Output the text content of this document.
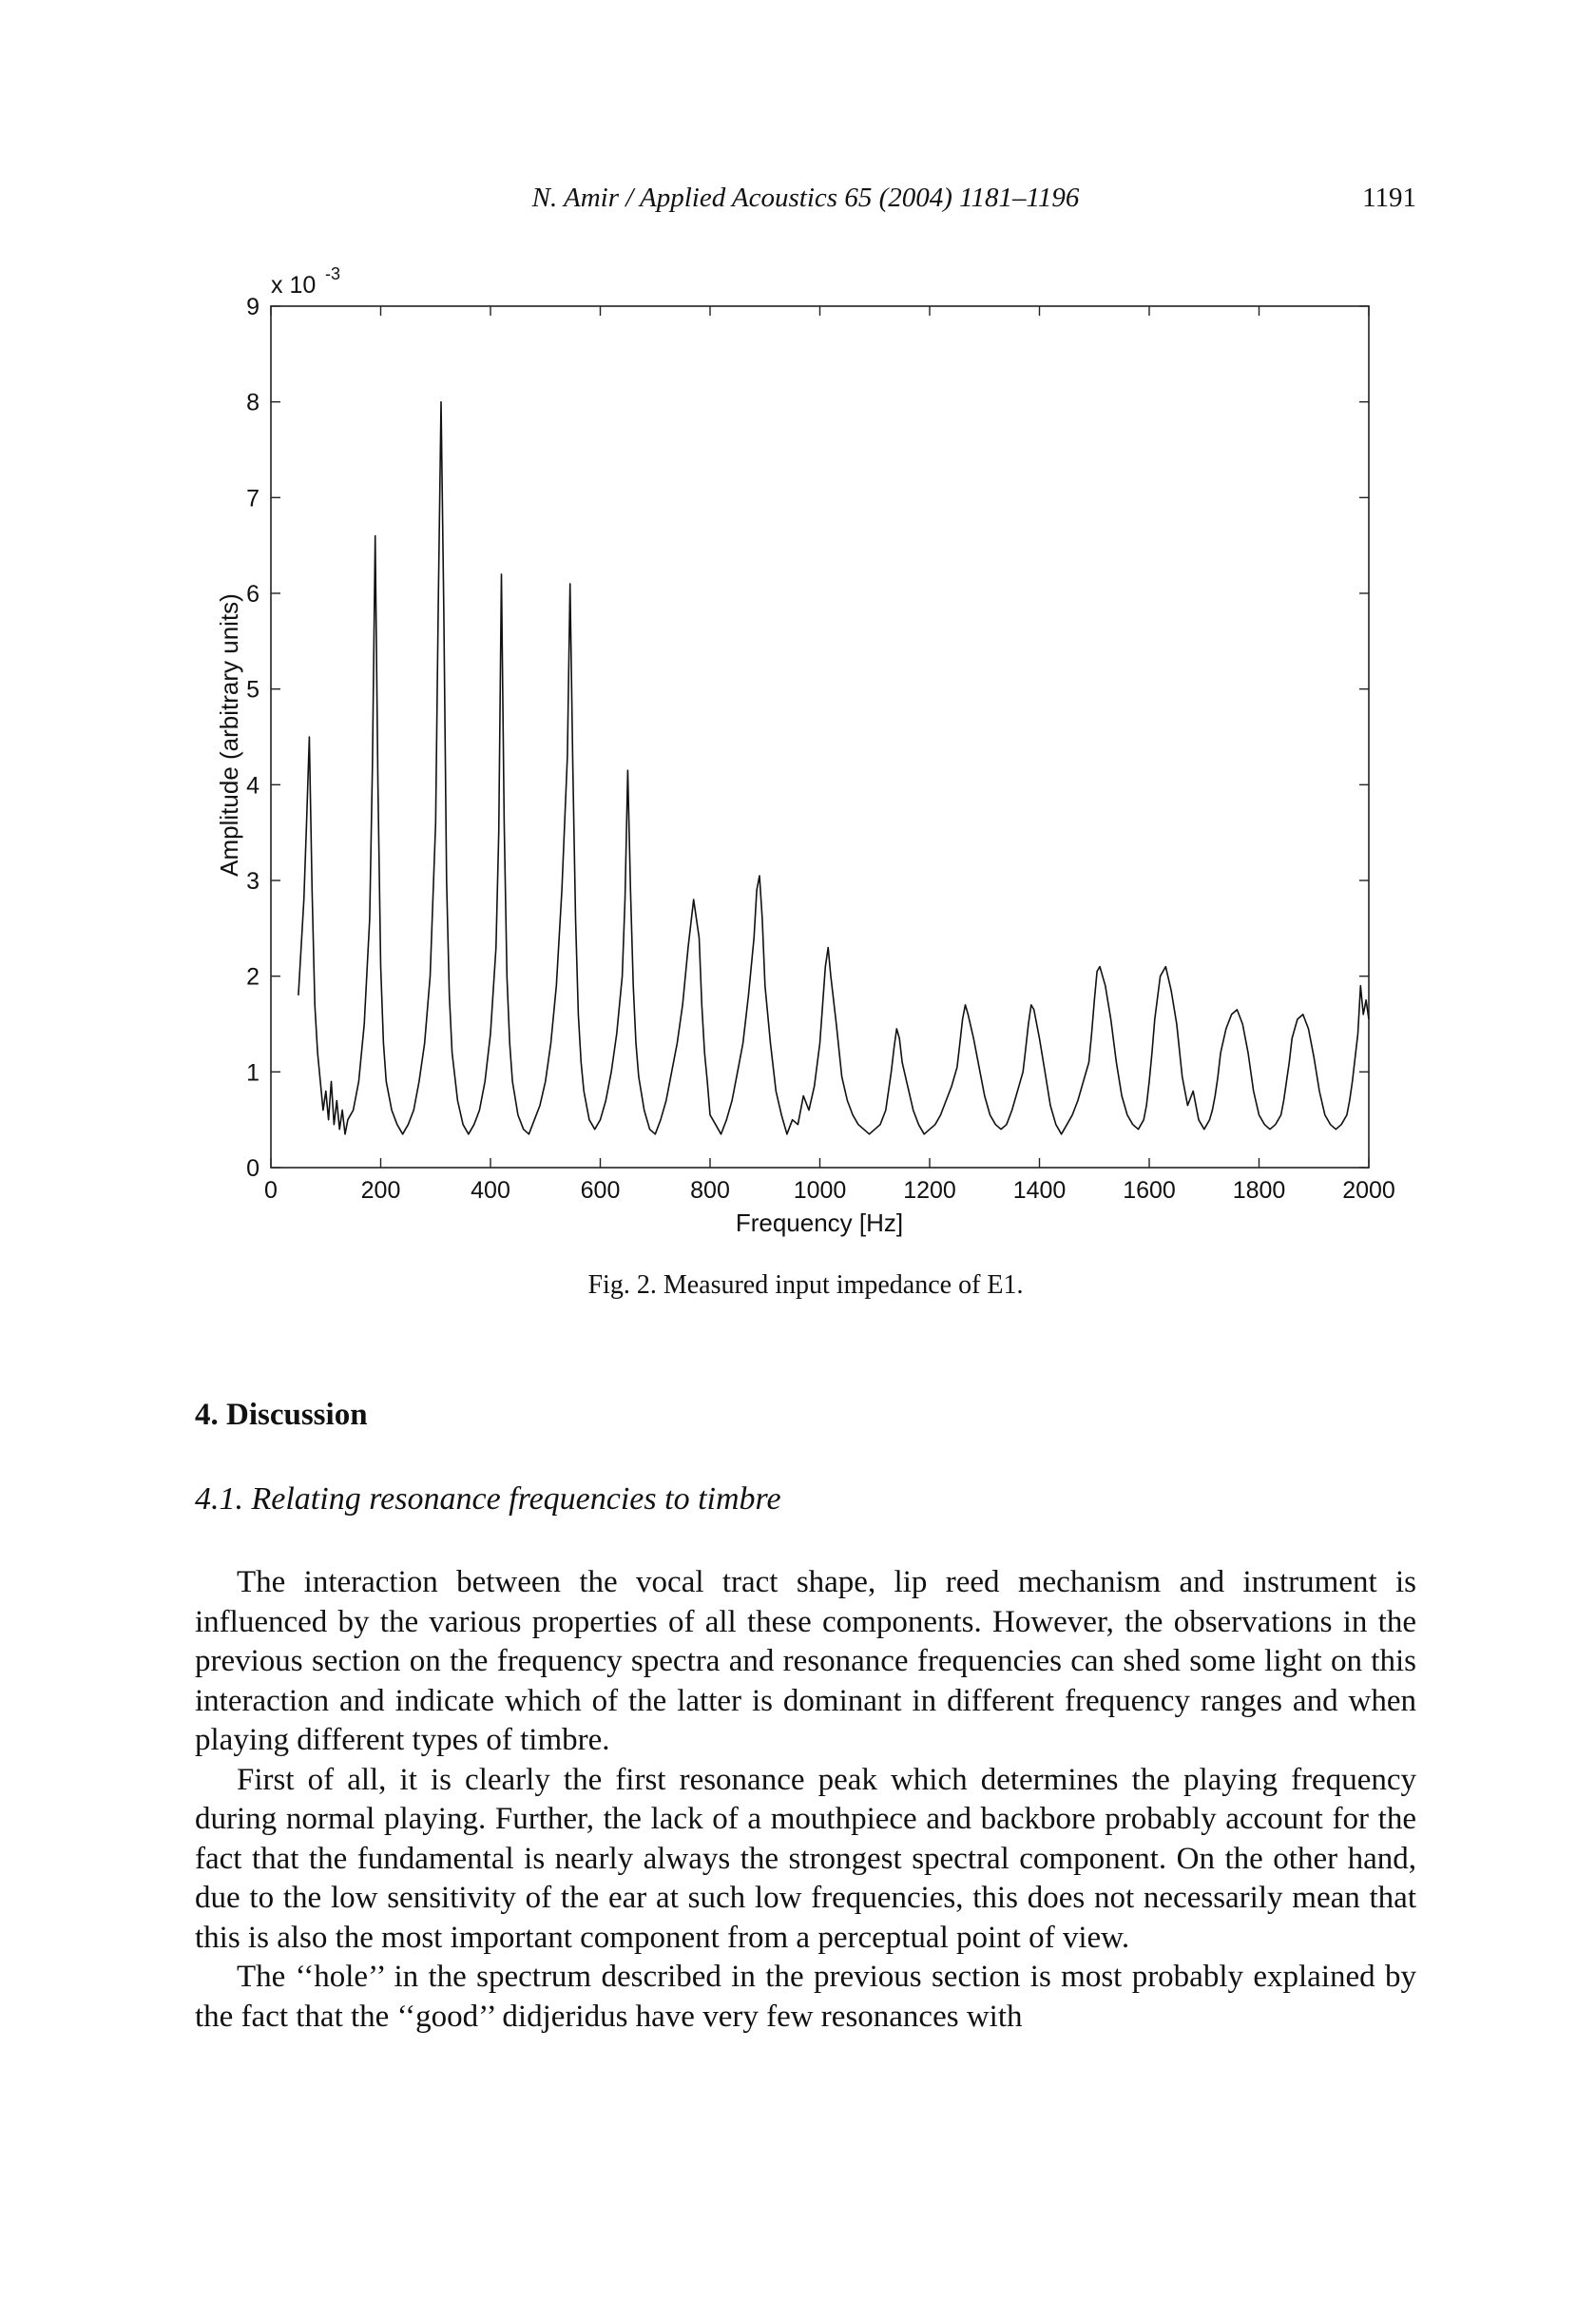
N. Amir / Applied Acoustics 65 (2004) 1181–1196	1191
0	200	400	600	800	1000 1200 1400 1600 1800 2000
0
1
2
3
4
5
6
7
8
9
x 10 -3
Frequency [Hz]
Amplitude (arbitrary units)
Fig. 2. Measured input impedance of E1.
4. Discussion
4.1. Relating resonance frequencies to timbre

The interaction between the vocal tract shape, lip reed mechanism and instrument is influenced by the various properties of all these components. However, the observations in the previous section on the frequency spectra and resonance frequencies can shed some light on this interaction and indicate which of the latter is dominant in different frequency ranges and when playing different types of timbre.

First of all, it is clearly the first resonance peak which determines the playing frequency during normal playing. Further, the lack of a mouthpiece and backbore probably account for the fact that the fundamental is nearly always the strongest spectral component. On the other hand, due to the low sensitivity of the ear at such low frequencies, this does not necessarily mean that this is also the most important component from a perceptual point of view.

The ‘‘hole’’ in the spectrum described in the previous section is most probably explained by the fact that the ‘‘good’’ didjeridus have very few resonances with
